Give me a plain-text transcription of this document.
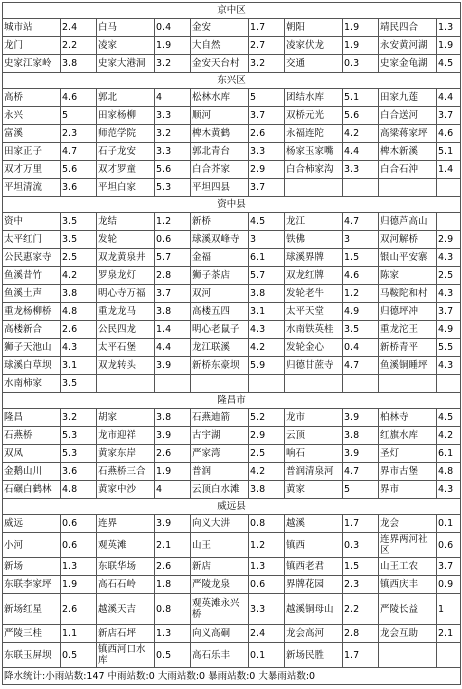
京中区									
城市站	2.4	白马	0.4	金安	1.7	朝阳	1.9	靖民四合	1.3
龙门	2.2	凌家	1.9	大自然	2.7	凌家伏龙	1.9	永安黄河湖	1.9
史家江家岭	3.8	史家大港洞	3.2	金安天台村	3.2	交通	0.3	史家金龟湖	4.5
东兴区									
高桥	4.6	郭北	4	松林水库	5	团结水库	5.1	田家九莲	4.4
永兴	5	田家杨柳	3.3	顺河	3.7	双桥元光	5.6	白合送河	3.7
富溪	2.3	师范学院	3.2	椑木黄鹤	2.6	永福连陀	4.2	高梁蒋家坪	4.6
田家正子	4.7	石子龙安	3.3	郭北青台	3.3	杨家玉家嘴	4.4	椑木新溪	5.1
双才万里	5.6	双才罗童	5.6	白合芥家	2.9	白合柿家沟	3.3	白合石沖	1.4
平坦清流	3.6	平坦白家	5.3	平坦四县	3.7				
资中县									
资中	3.5	龙结	1.2	新桥	4.5	龙江	4.7	归德芦高山	
太平红门	3.5	发轮	0.6	球溪双峰寺	3	铁佛	3	双河解桥	2.9
公民惠家寺	2.5	双龙黄泉井	5.7	金福	6.1	球溪界牌	1.5	银山平安寨	4.3
鱼溪昔竹	4.2	罗泉龙灯	2.8	狮子茶店	5.7	双龙红牌	4.6	陈家	2.5
鱼溪土声	3.8	明心寺万福	3.7	双河	3.8	发轮老牛	1.2	马鞍陀和村	4.3
重龙杨柳桥	4.8	重龙龙马	3.8	高楼五四	3.1	太平天堂	4.9	归德坪冲	3.7
高楼新合	2.6	公民四龙	1.4	明心老鼠子	4.3	水南铁英桂	3.5	重龙沱王	4.9
狮子天池山	4.3	太平石堡	4.4	龙江联溪	4.2	发轮金心	0.4	新桥青平	5.5
球溪白草坝	3.1	双龙转头	3.9	新桥东豪坝	5.9	归德甘蔗寺	4.7	鱼溪铜睡坪	4.3
水南柿家	3.5								
隆昌市									
隆昌	3.2	胡家	3.8	石燕迪箭	5.2	龙市	3.9	柏林寺	4.5
石燕桥	5.3	龙市迎祥	3.9	古宇湖	2.9	云顶	3.8	红旗水库	4.2
双凤	5.3	黄家东岸	2.6	严家湾	2.5	响石	3.9	圣灯	6.1
金鹅山川	3.6	石燕桥三合	1.9	普润	4.2	普润清泉河	4.7	界市古堡	4.8
石碾白鹤林	4.8	黄家中沙	4	云顶白水滩	3.8	黄家	5	界市	4.3
威远县									
威远	0.6	连界	3.9	向义大汫	0.8	越溪	1.7	龙会	0.1
小河	0.6	观英滩	2.1	山王	1.2	镇西	0.3	连界两河社区	0.6
新场	1.3	东联华场	2.6	新店	1.3	镇西老君	1.5	山王工农	3.7
东联李家坪	1.9	高石石岭	1.8	严陵龙泉	0.6	界牌花园	2.3	镇西庆丰	0.9
新场红星	2.6	越溪天吉	0.8	观英滩永兴桥	3.3	越溪铜母山	2.2	严陵长益	1
严陵三桂	1.1	新店石坪	1.3	向义高硐	2.4	龙会高河	2.8	龙会互助	2.1
东联玉屏坝	0.5	镇西河口水库	0.5	高石乐丰	0.1	新场民胜	1.7		
降水统计:小雨站数:147 中雨站数:0 大雨站数:0 暴雨站数:0 大暴雨站数:0									
